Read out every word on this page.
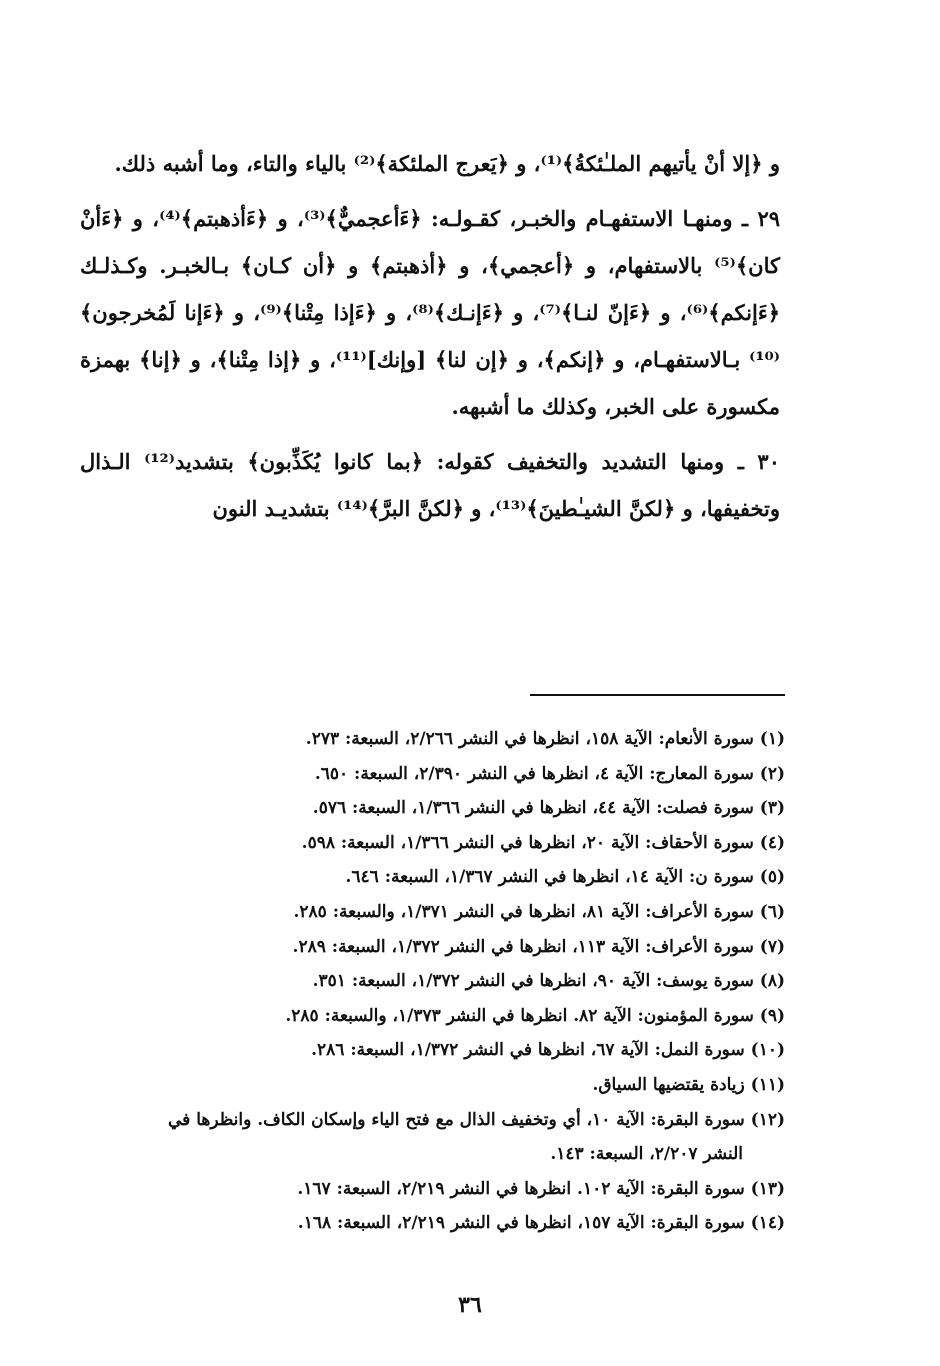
و ﴿إلا أنْ يأتيهم الملـٰئكةُ﴾⁽¹⁾، و ﴿يَعرج الملئكة﴾⁽²⁾ بالياء والتاء، وما أشبه ذلك.

٢٩ ـ ومنهـا الاستفهـام والخبـر، كقـولـه: ﴿ءَأعجميٌّ﴾⁽³⁾، و ﴿ءَأذهبتم﴾⁽⁴⁾، و ﴿ءَأنْ كان﴾⁽⁵⁾ بالاستفهام، و ﴿أعجمي﴾، و ﴿أذهبتم﴾ و ﴿أن كـان﴾ بـالخبـر. وكـذلـك ﴿ءَإنكم﴾⁽⁶⁾، و ﴿ءَإنّ لنـا﴾⁽⁷⁾، و ﴿ءَإنـك﴾⁽⁸⁾، و ﴿ءَإذا مِتْنا﴾⁽⁹⁾، و ﴿ءَإنا لَمُخرجون﴾⁽¹⁰⁾ بـالاستفهـام، و ﴿إنكم﴾، و ﴿إن لنا﴾ [وإنك]⁽¹¹⁾، و ﴿إذا مِتْنا﴾، و ﴿إنا﴾ بهمزة مكسورة على الخبر، وكذلك ما أشبهه.

٣٠ ـ ومنها التشديد والتخفيف كقوله: ﴿بما كانوا يُكَذِّبون﴾ بتشديد⁽¹²⁾ الـذال وتخفيفها، و ﴿لكنَّ الشيـٰطينَ﴾⁽¹³⁾، و ﴿لكنَّ البرَّ﴾⁽¹⁴⁾ بتشديـد النون

(١) سورة الأنعام: الآية ١٥٨، انظرها في النشر ٢/٢٦٦، السبعة: ٢٧٣.
(٢) سورة المعارج: الآية ٤، انظرها في النشر ٢/٣٩٠، السبعة: ٦٥٠.
(٣) سورة فصلت: الآية ٤٤، انظرها في النشر ١/٣٦٦، السبعة: ٥٧٦.
(٤) سورة الأحقاف: الآية ٢٠، انظرها في النشر ١/٣٦٦، السبعة: ٥٩٨.
(٥) سورة ن: الآية ١٤، انظرها في النشر ١/٣٦٧، السبعة: ٦٤٦.
(٦) سورة الأعراف: الآية ٨١، انظرها في النشر ١/٣٧١، والسبعة: ٢٨٥.
(٧) سورة الأعراف: الآية ١١٣، انظرها في النشر ١/٣٧٢، السبعة: ٢٨٩.
(٨) سورة يوسف: الآية ٩٠، انظرها في النشر ١/٣٧٢، السبعة: ٣٥١.
(٩) سورة المؤمنون: الآية ٨٢. انظرها في النشر ١/٣٧٣، والسبعة: ٢٨٥.
(١٠) سورة النمل: الآية ٦٧، انظرها في النشر ١/٣٧٢، السبعة: ٢٨٦.
(١١) زيادة يقتضيها السياق.
(١٢) سورة البقرة: الآية ١٠، أي وتخفيف الذال مع فتح الياء وإسكان الكاف. وانظرها في
النشر ٢/٢٠٧، السبعة: ١٤٣.
(١٣) سورة البقرة: الآية ١٠٢. انظرها في النشر ٢/٢١٩، السبعة: ١٦٧.
(١٤) سورة البقرة: الآية ١٥٧، انظرها في النشر ٢/٢١٩، السبعة: ١٦٨.
٣٦
